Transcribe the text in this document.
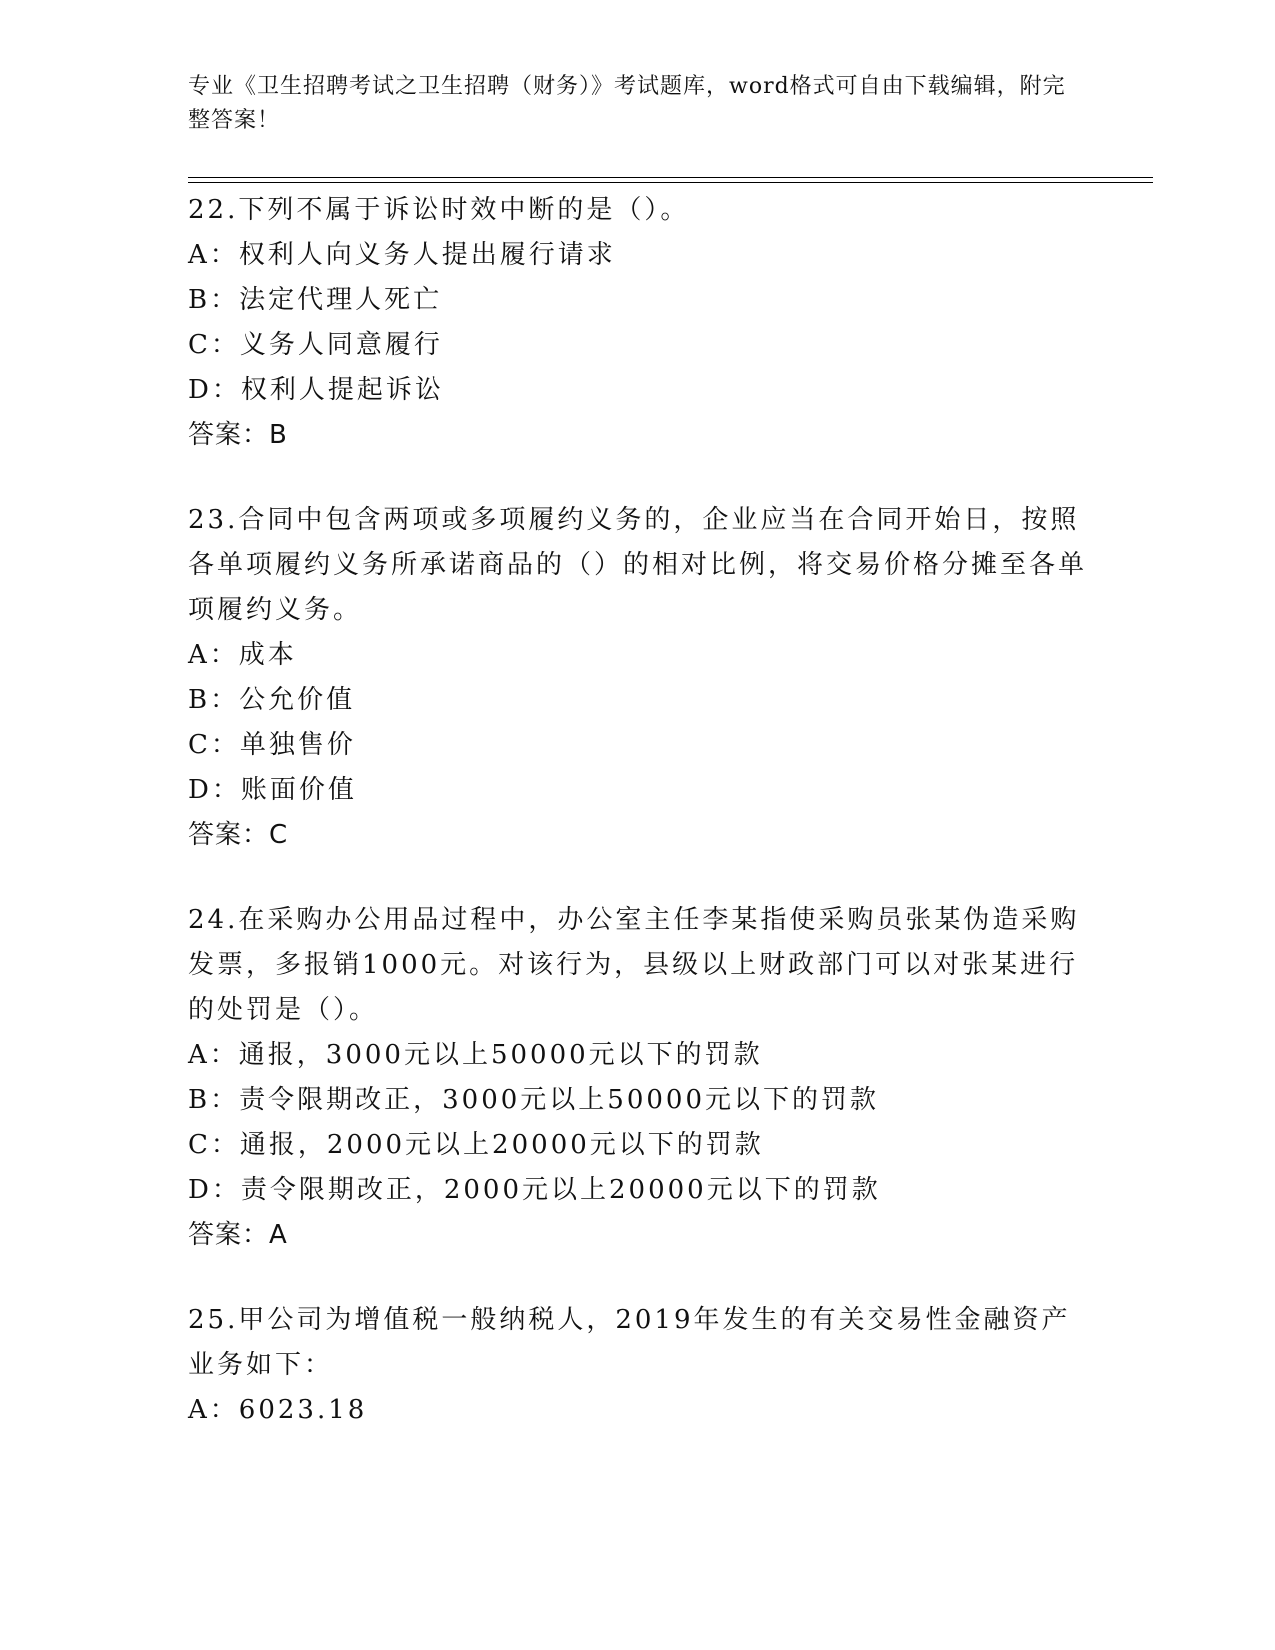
专业《卫生招聘考试之卫生招聘（财务）》考试题库，word格式可自由下载编辑，附完整答案！

22.下列不属于诉讼时效中断的是（）。

A：权利人向义务人提出履行请求

B：法定代理人死亡

C：义务人同意履行

D：权利人提起诉讼

答案：B

23.合同中包含两项或多项履约义务的，企业应当在合同开始日，按照各单项履约义务所承诺商品的（）的相对比例，将交易价格分摊至各单项履约义务。

A：成本

B：公允价值

C：单独售价

D：账面价值

答案：C

24.在采购办公用品过程中，办公室主任李某指使采购员张某伪造采购发票，多报销1000元。对该行为，县级以上财政部门可以对张某进行的处罚是（）。

A：通报，3000元以上50000元以下的罚款

B：责令限期改正，3000元以上50000元以下的罚款

C：通报，2000元以上20000元以下的罚款

D：责令限期改正，2000元以上20000元以下的罚款

答案：A

25.甲公司为增值税一般纳税人，2019年发生的有关交易性金融资产业务如下：

A：6023.18
